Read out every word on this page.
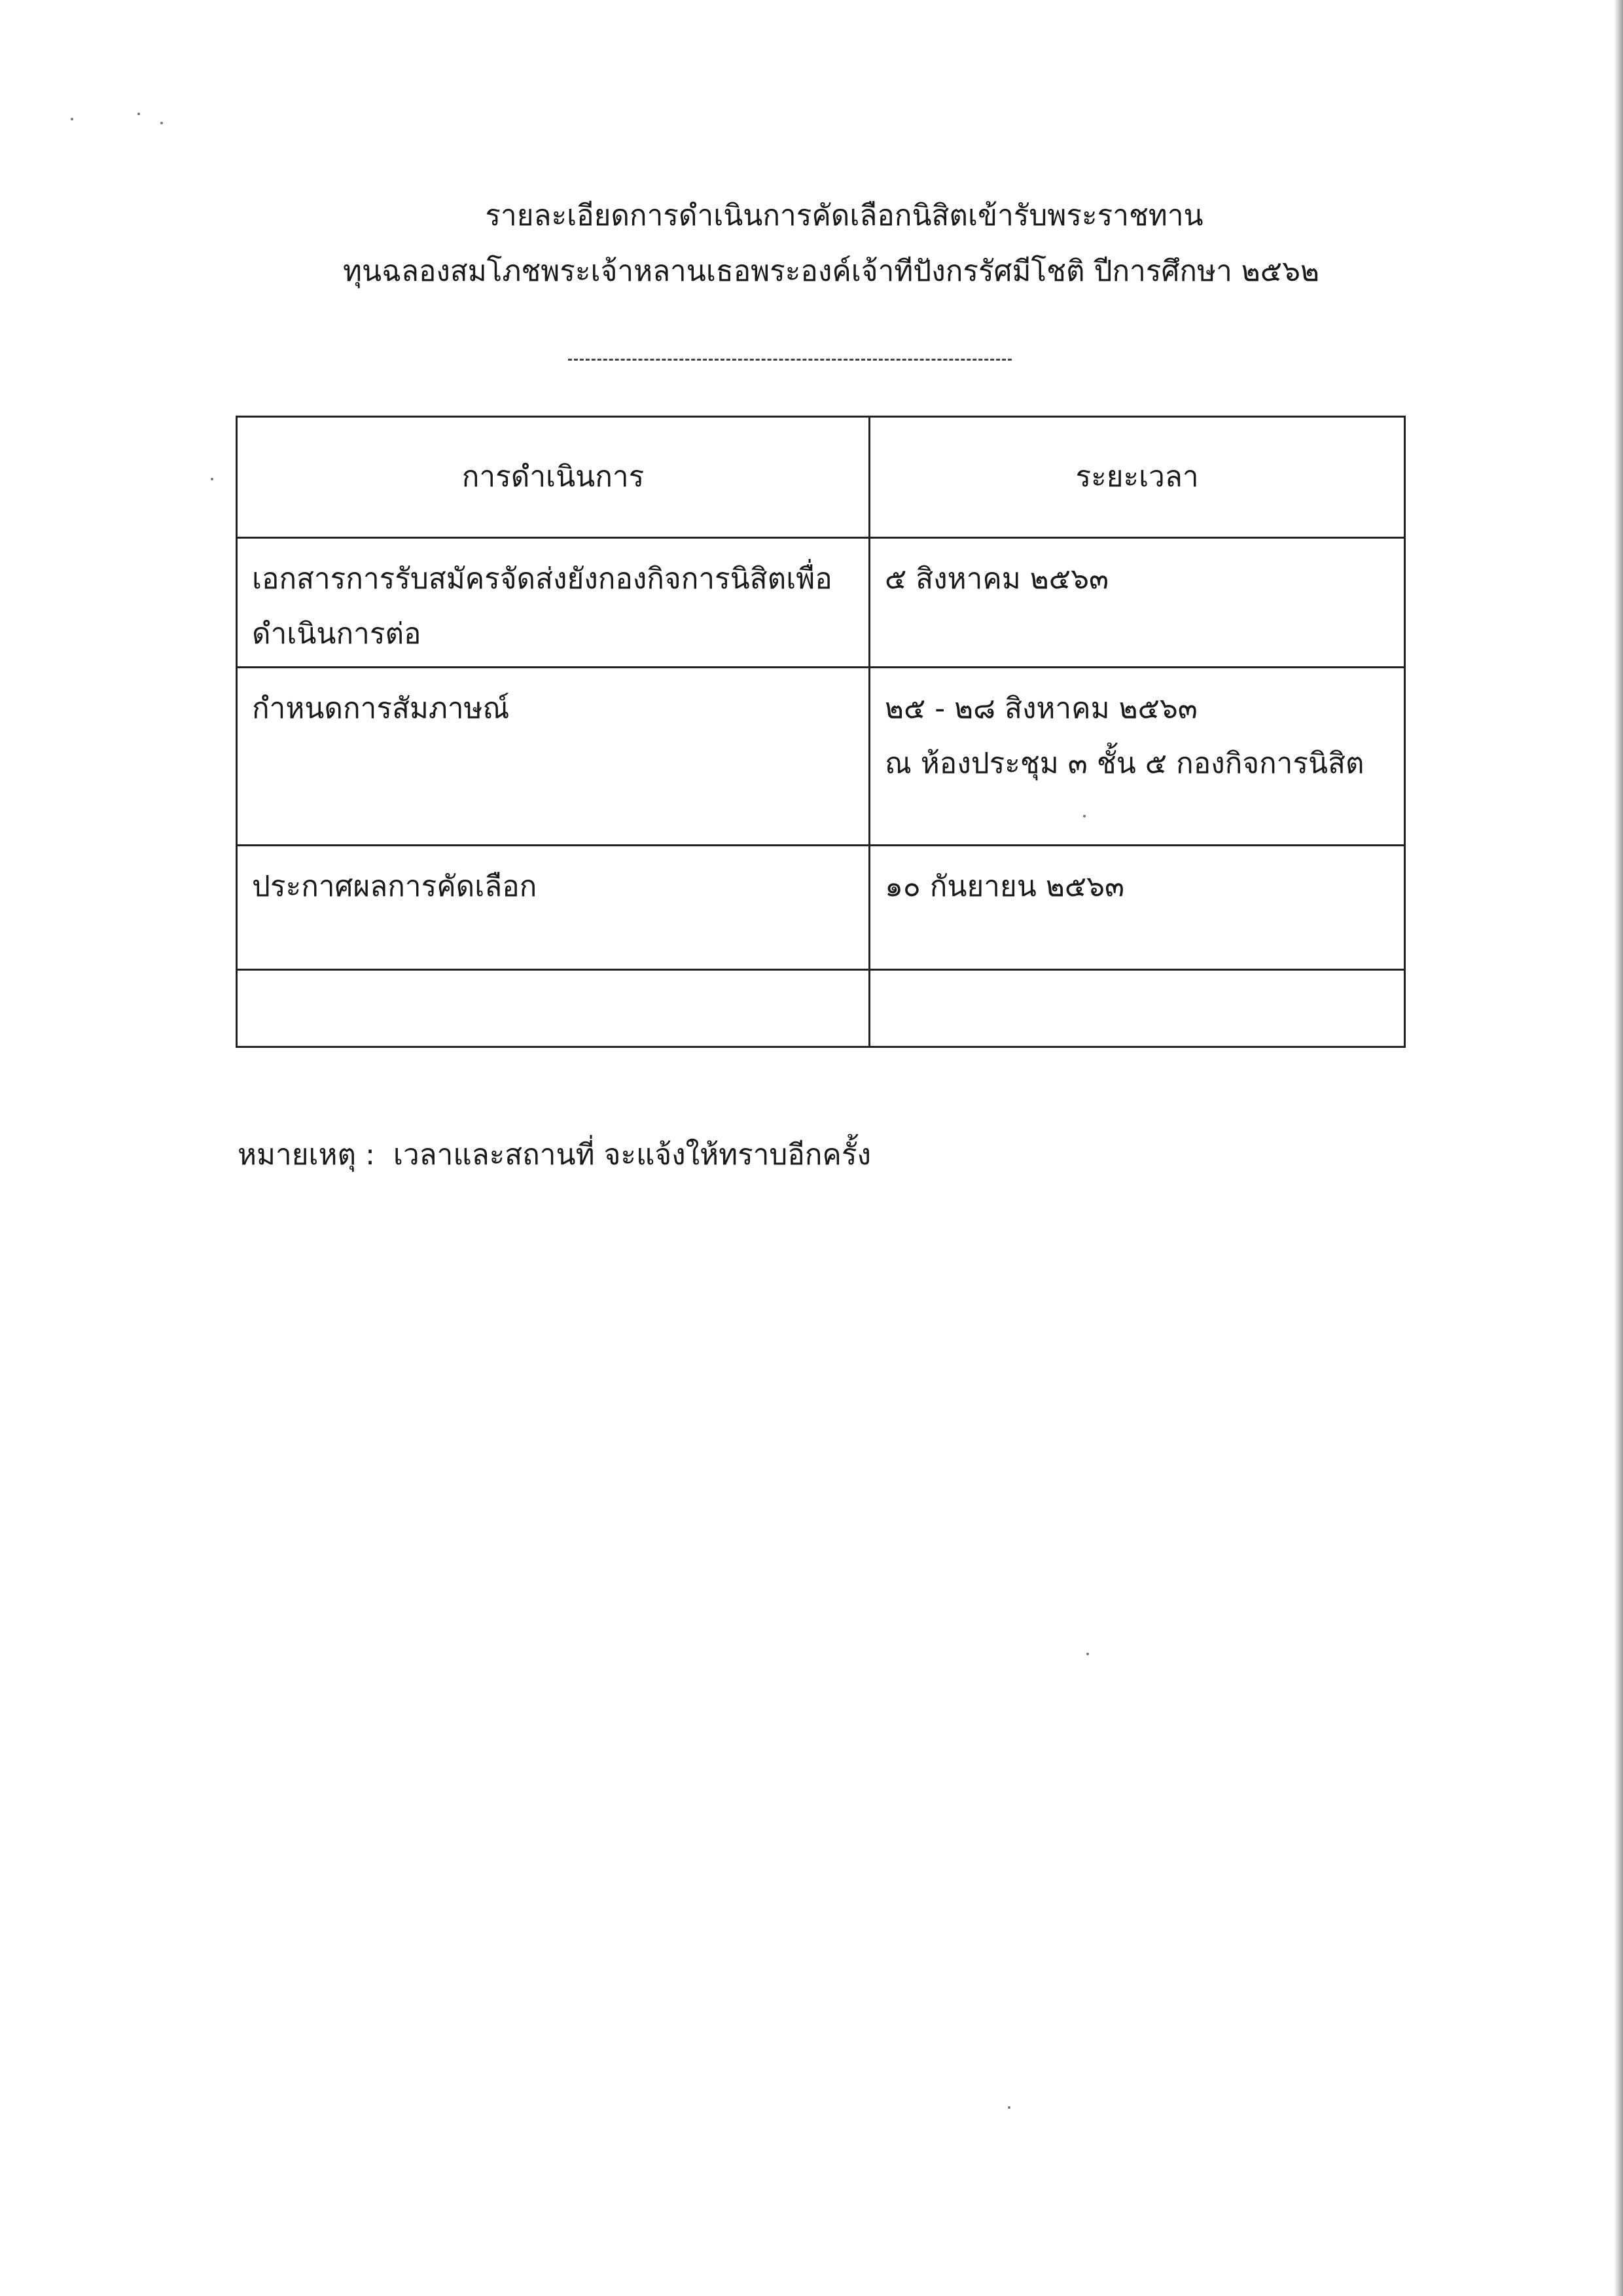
รายละเอียดการดำเนินการคัดเลือกนิสิตเข้ารับพระราชทาน
ทุนฉลองสมโภชพระเจ้าหลานเธอพระองค์เจ้าทีปังกรรัศมีโชติ ปีการศึกษา ๒๕๖๒
การดำเนินการ	ระยะเวลา

เอกสารการรับสมัครจัดส่งยังกองกิจการนิสิตเพื่อ
ดำเนินการต่อ	๕ สิงหาคม ๒๕๖๓

กำหนดการสัมภาษณ์	๒๕ - ๒๘ สิงหาคม ๒๕๖๓
ณ ห้องประชุม ๓ ชั้น ๕ กองกิจการนิสิต

ประกาศผลการคัดเลือก	๑๐ กันยายน ๒๕๖๓

หมายเหตุ : เวลาและสถานที่ จะแจ้งให้ทราบอีกครั้ง
